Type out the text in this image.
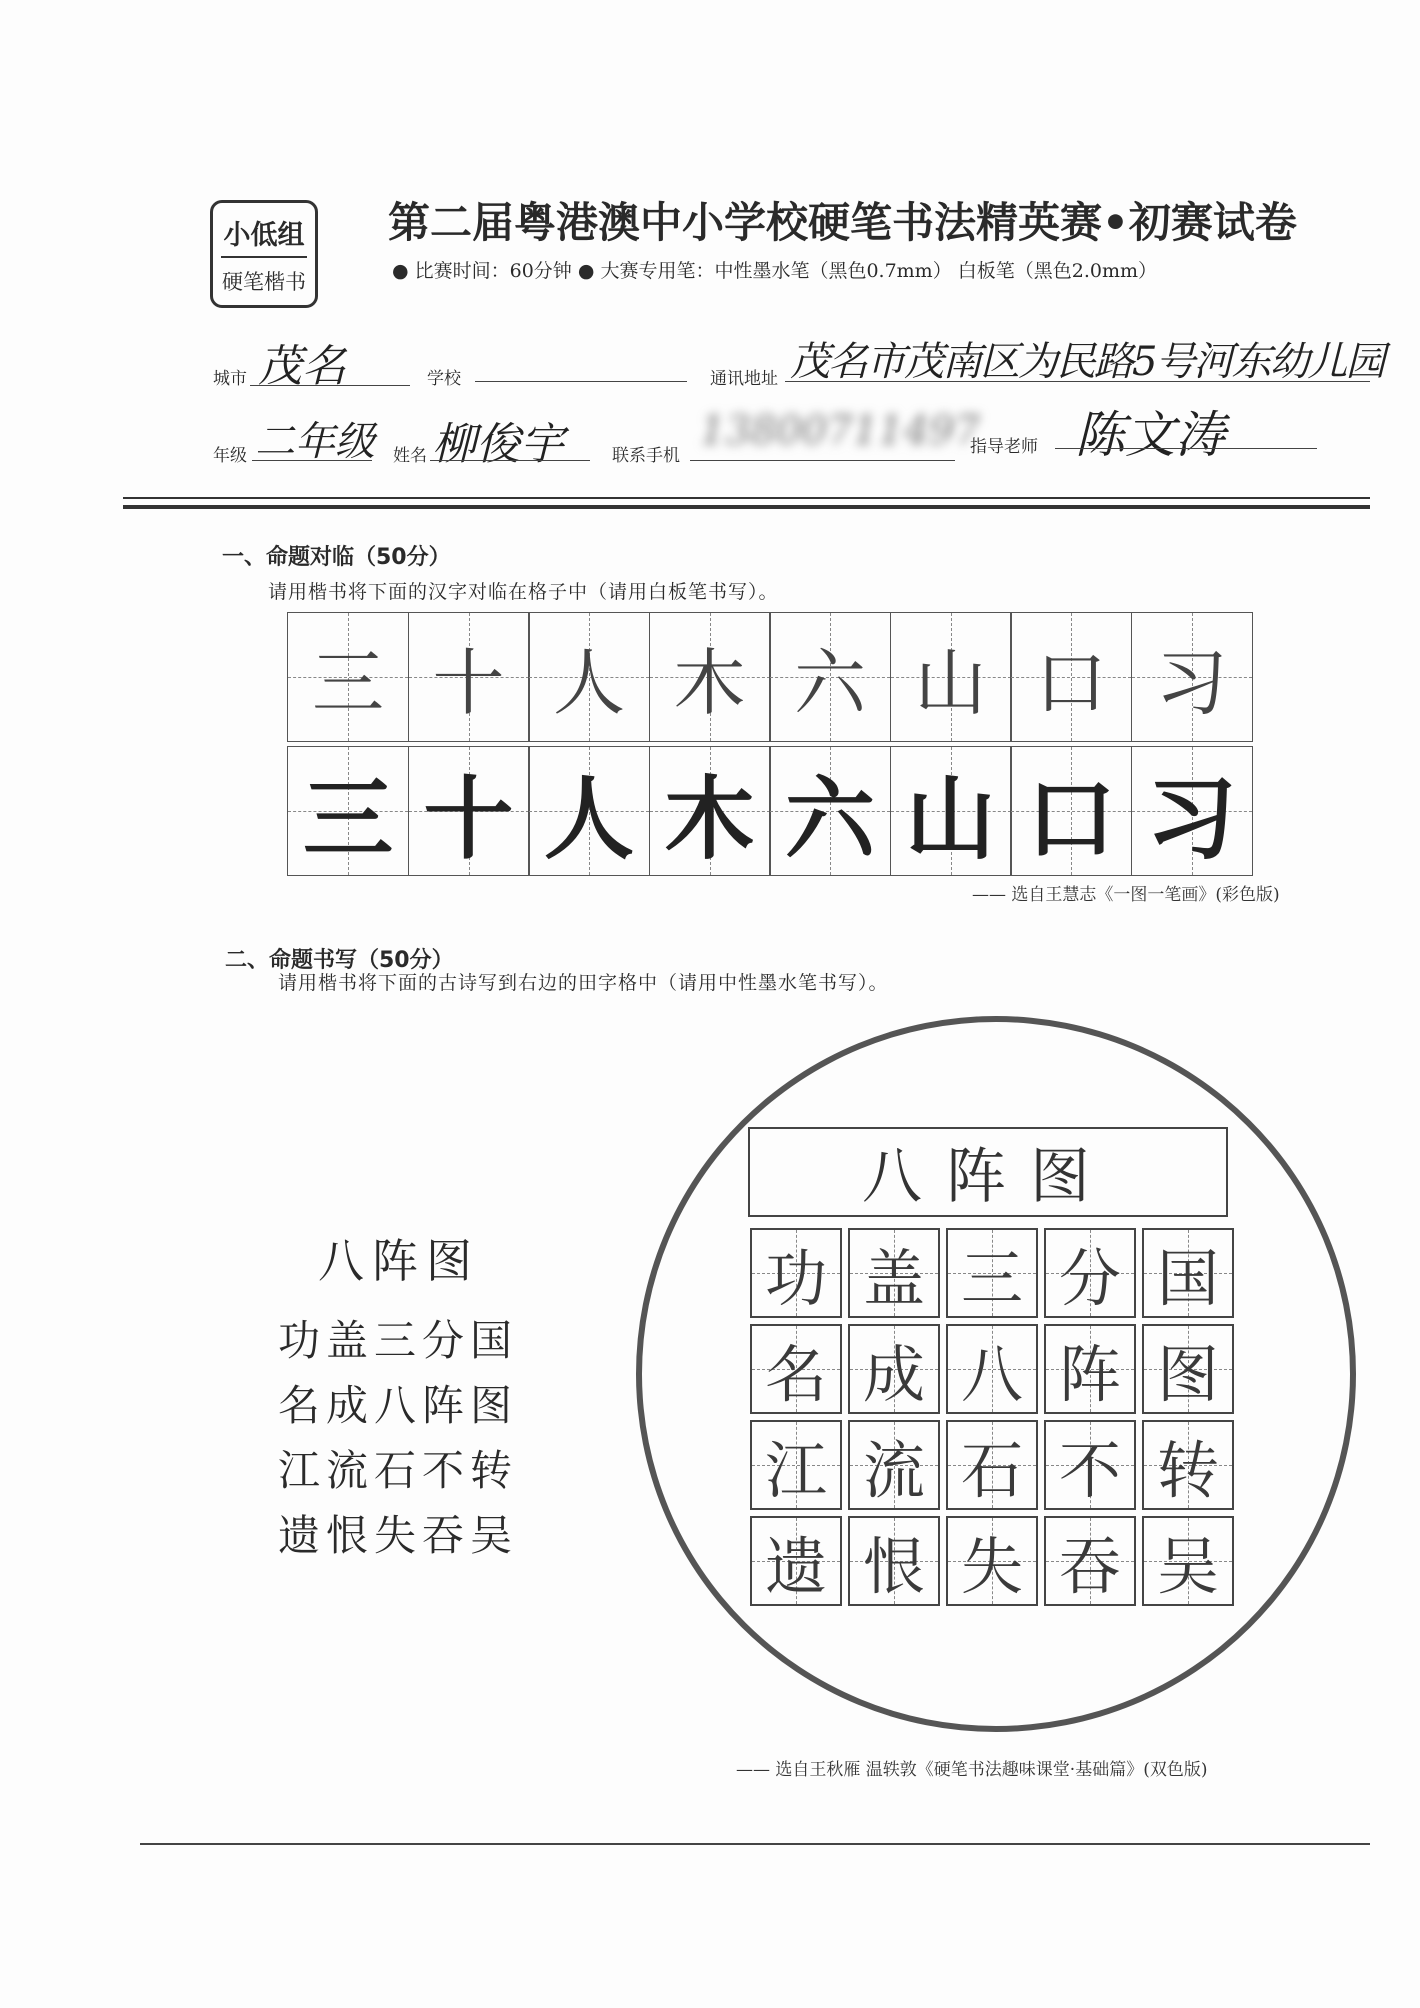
小低组
硬笔楷书
第二届粤港澳中小学校硬笔书法精英赛•初赛试卷
● 比赛时间：60分钟 ● 大赛专用笔：中性墨水笔（黑色0.7mm） 白板笔（黑色2.0mm）
城市 茂名	学校	通讯地址 茂名市茂南区为民路5号河东幼儿园
年级 二年级 姓名 柳俊宇	联系手机
13800711497
指导老师 陈文涛
一、命题对临（50分）
请用楷书将下面的汉字对临在格子中（请用白板笔书写）。
三 十 人 木 六 山 口 习
三 十 人 木 六 山 口 习
—— 选自王慧志《一图一笔画》(彩色版)
二、命题书写（50分）
请用楷书将下面的古诗写到右边的田字格中（请用中性墨水笔书写）。
八阵图
功盖三分国
名成八阵图
江流石不转
遗恨失吞吴
八阵图
功 盖 三 分 国
名 成 八 阵 图
江 流 石 不 转
遗 恨 失 吞 吴
—— 选自王秋雁 温轶敦《硬笔书法趣味课堂·基础篇》(双色版)
